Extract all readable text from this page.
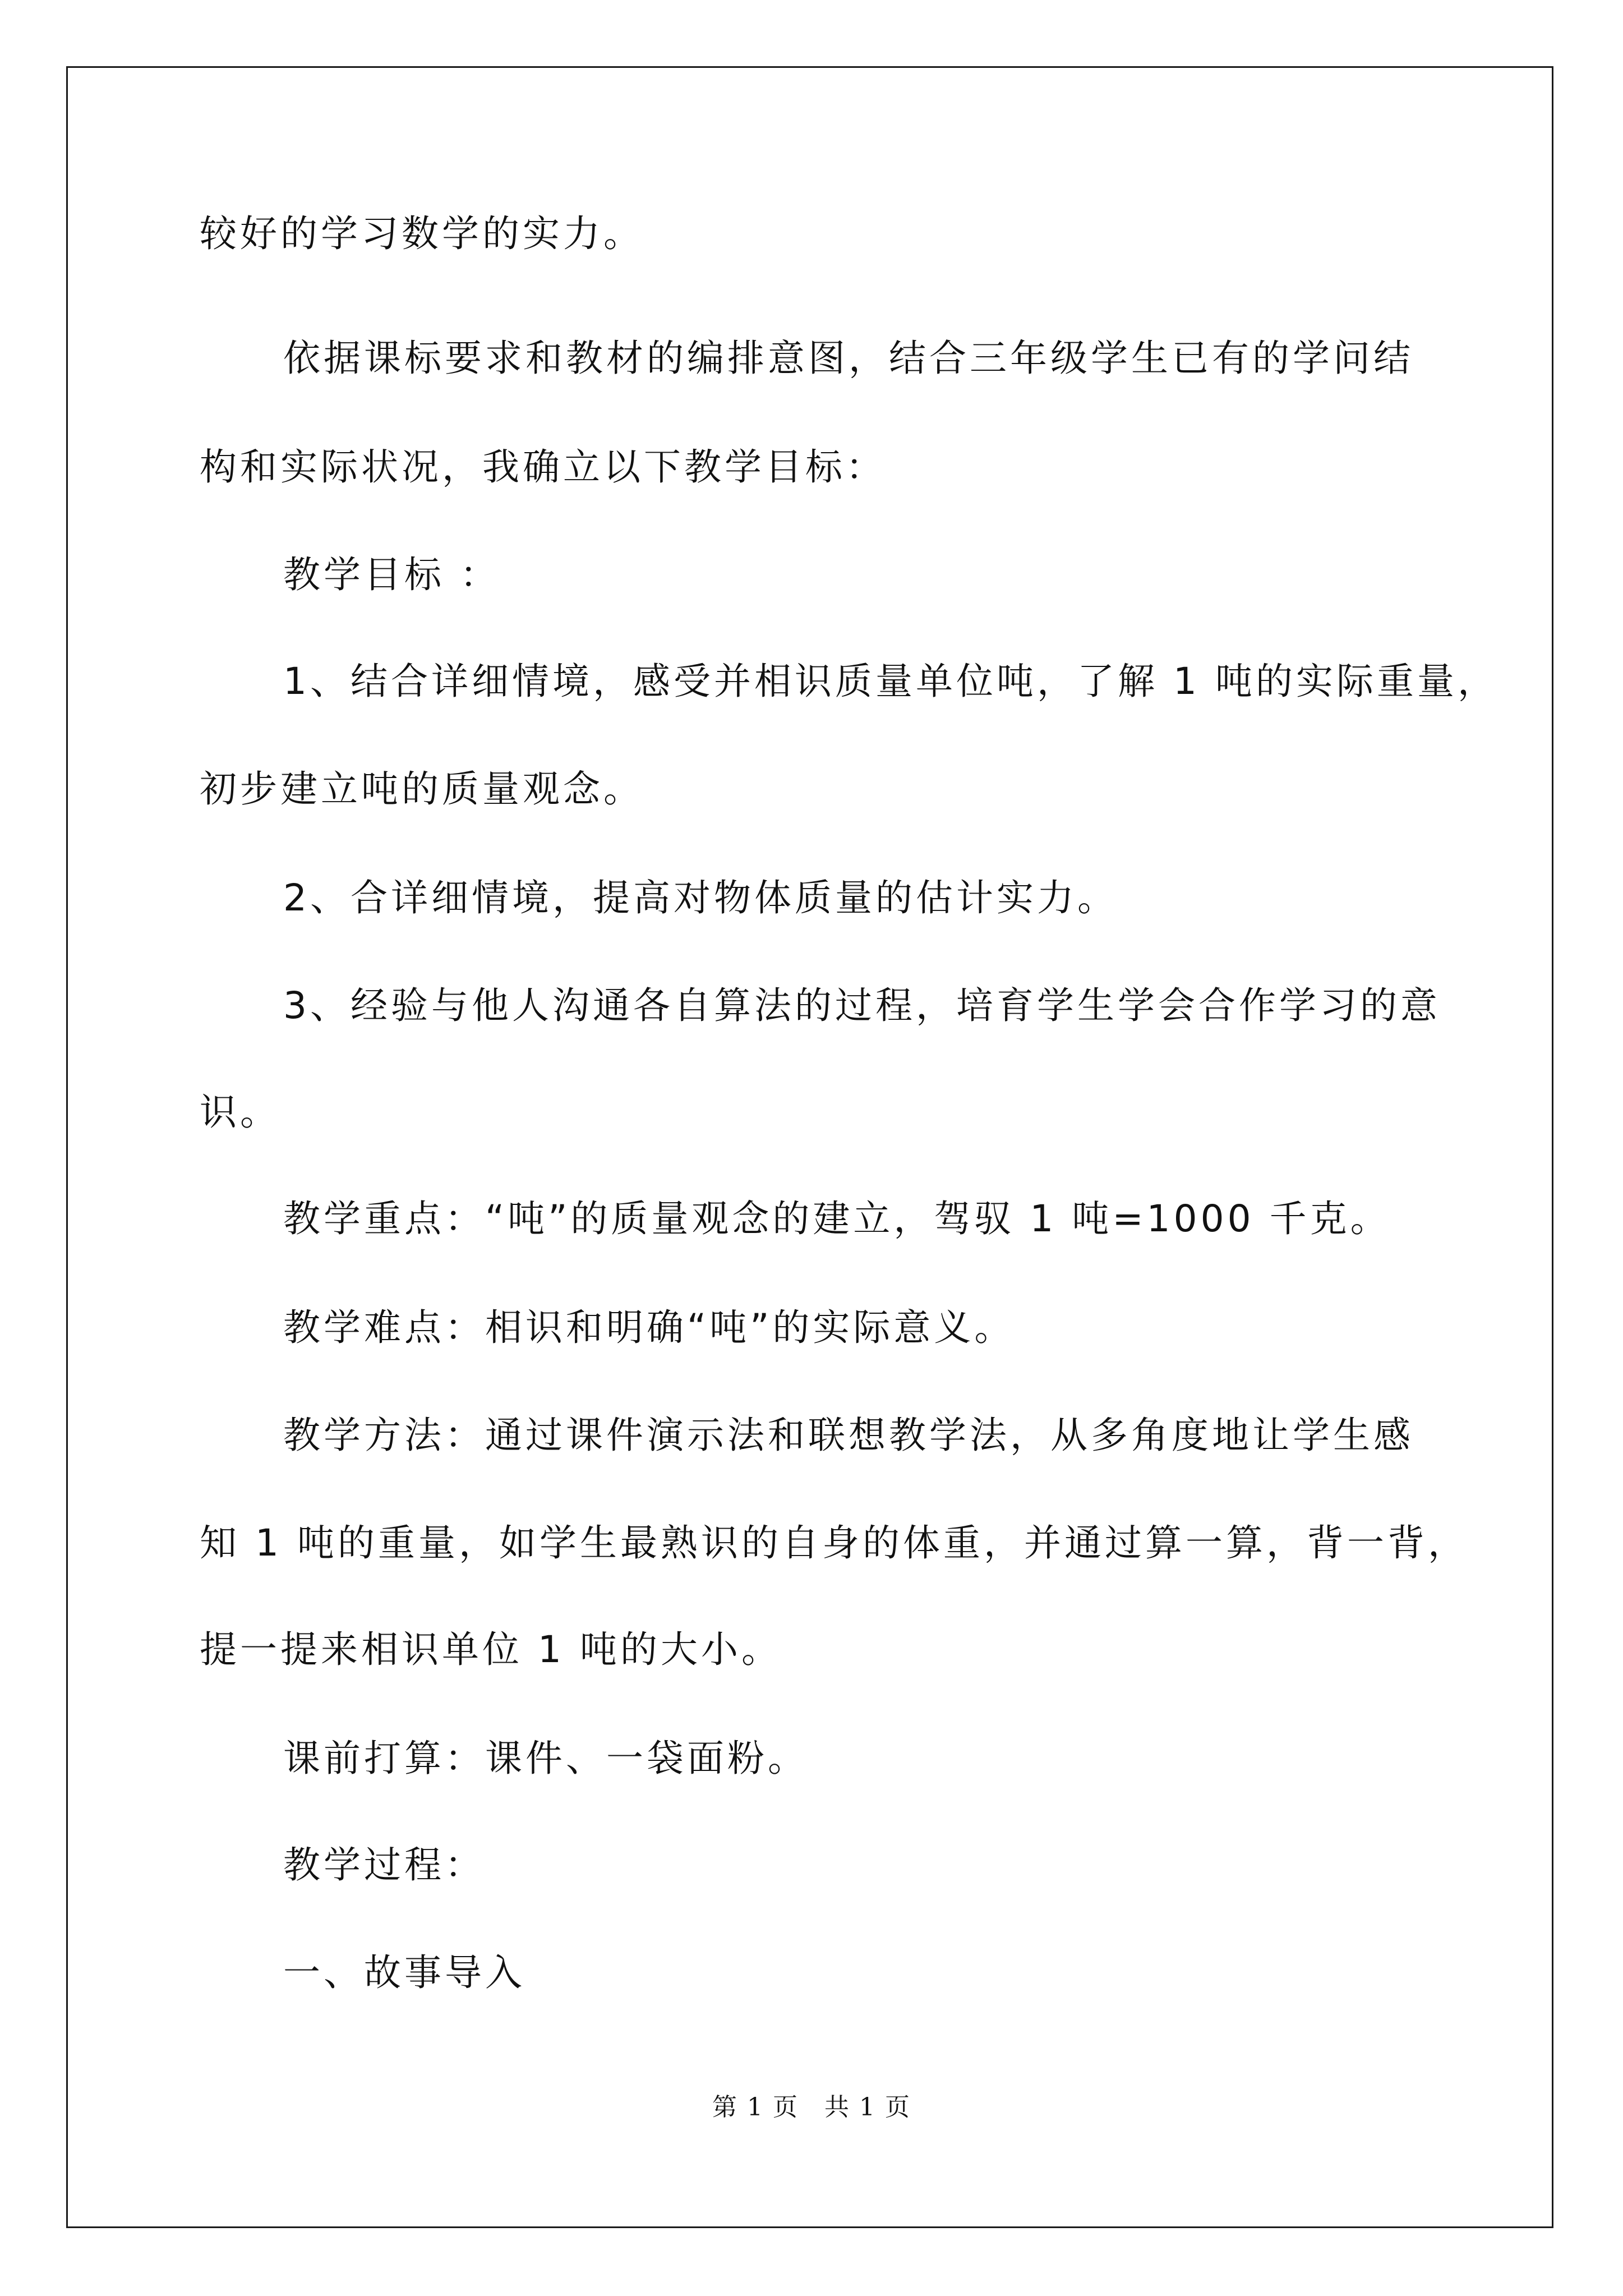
较好的学习数学的实力。
依据课标要求和教材的编排意图，结合三年级学生已有的学问结
构和实际状况，我确立以下教学目标：
教学目标 ：
1、结合详细情境，感受并相识质量单位吨，了解 1 吨的实际重量，
初步建立吨的质量观念。
2、合详细情境，提高对物体质量的估计实力。
3、经验与他人沟通各自算法的过程，培育学生学会合作学习的意
识。
教学重点：“吨”的质量观念的建立，驾驭 1 吨=1000 千克。
教学难点：相识和明确“吨”的实际意义。
教学方法：通过课件演示法和联想教学法，从多角度地让学生感
知 1 吨的重量，如学生最熟识的自身的体重，并通过算一算，背一背，
提一提来相识单位 1 吨的大小。
课前打算：课件、一袋面粉。
教学过程：
一、故事导入
第 1 页　共 1 页
